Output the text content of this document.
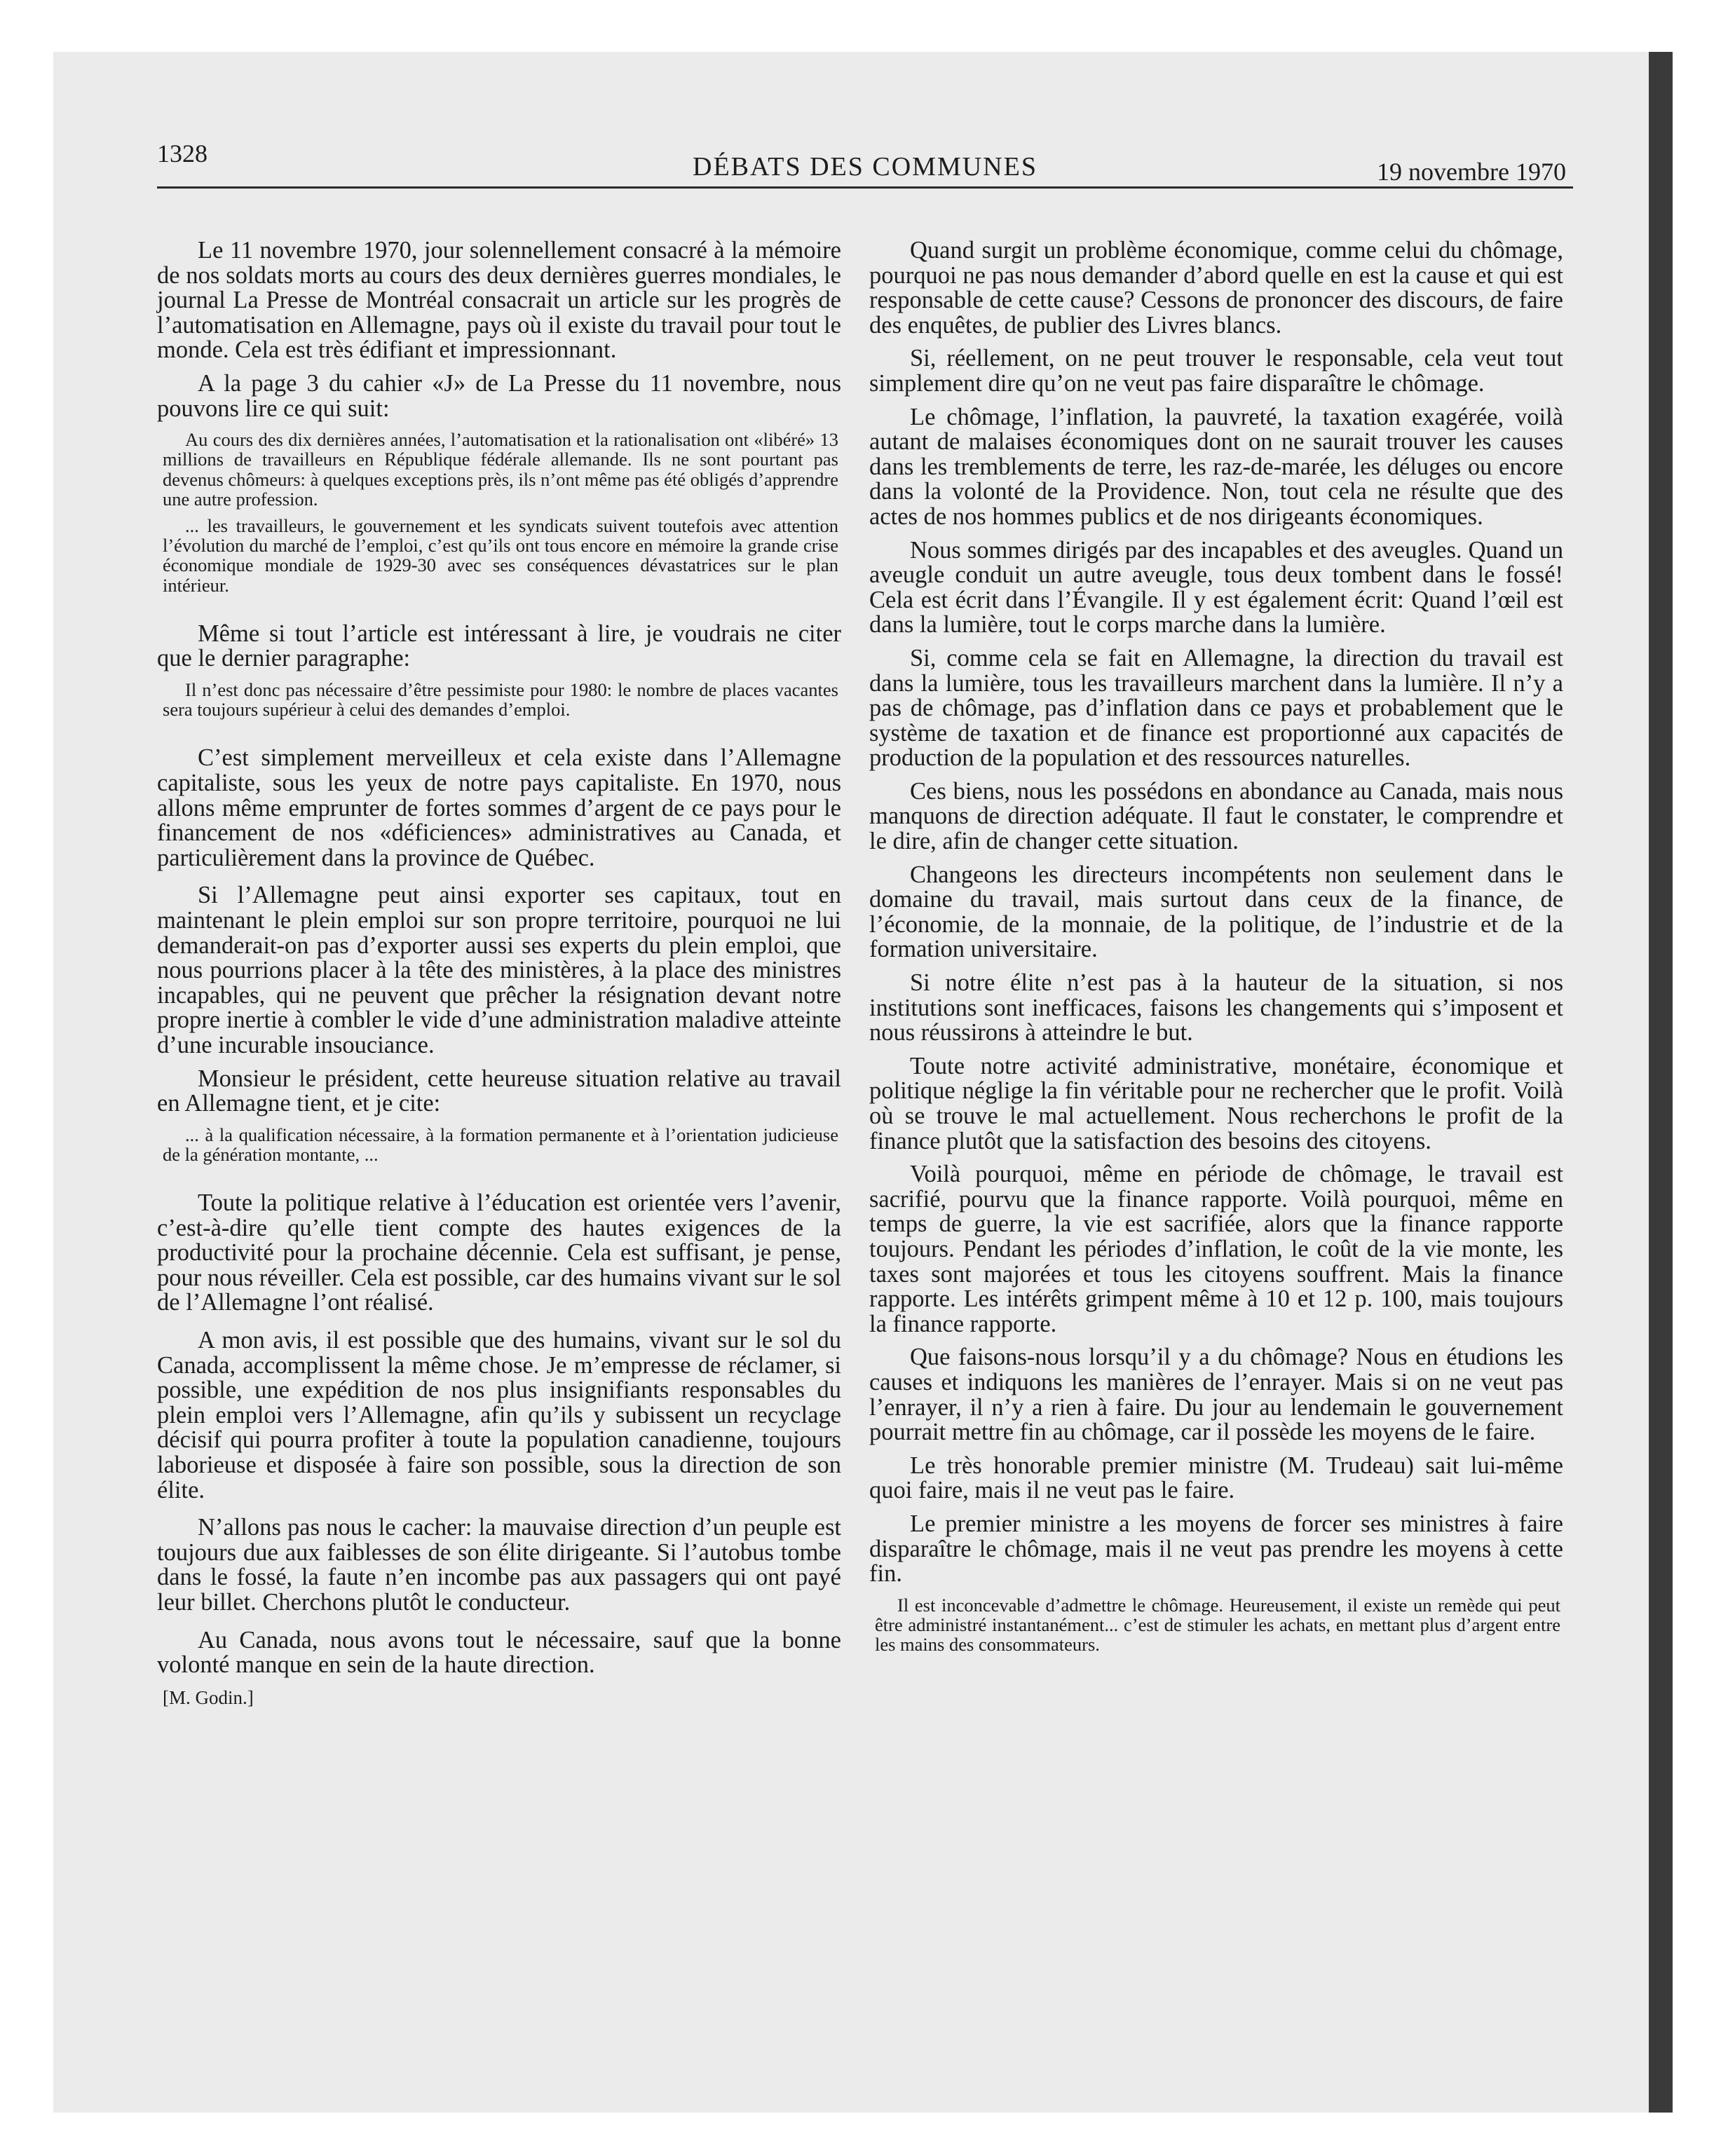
1328	DÉBATS DES COMMUNES	19 novembre 1970

Le 11 novembre 1970, jour solennellement consacré à la mémoire de nos soldats morts au cours des deux dernières guerres mondiales, le journal La Presse de Montréal consacrait un article sur les progrès de l’automatisation en Allemagne, pays où il existe du travail pour tout le monde. Cela est très édifiant et impressionnant.

A la page 3 du cahier «J» de La Presse du 11 novembre, nous pouvons lire ce qui suit:

Au cours des dix dernières années, l’automatisation et la rationalisation ont «libéré» 13 millions de travailleurs en République fédérale allemande. Ils ne sont pourtant pas devenus chômeurs: à quelques exceptions près, ils n’ont même pas été obligés d’apprendre une autre profession.

... les travailleurs, le gouvernement et les syndicats suivent toutefois avec attention l’évolution du marché de l’emploi, c’est qu’ils ont tous encore en mémoire la grande crise économique mondiale de 1929-30 avec ses conséquences dévastatrices sur le plan intérieur.

Même si tout l’article est intéressant à lire, je voudrais ne citer que le dernier paragraphe:

Il n’est donc pas nécessaire d’être pessimiste pour 1980: le nombre de places vacantes sera toujours supérieur à celui des demandes d’emploi.

C’est simplement merveilleux et cela existe dans l’Allemagne capitaliste, sous les yeux de notre pays capitaliste. En 1970, nous allons même emprunter de fortes sommes d’argent de ce pays pour le financement de nos «déficiences» administratives au Canada, et particulièrement dans la province de Québec.

Si l’Allemagne peut ainsi exporter ses capitaux, tout en maintenant le plein emploi sur son propre territoire, pourquoi ne lui demanderait-on pas d’exporter aussi ses experts du plein emploi, que nous pourrions placer à la tête des ministères, à la place des ministres incapables, qui ne peuvent que prêcher la résignation devant notre propre inertie à combler le vide d’une administration maladive atteinte d’une incurable insouciance.

Monsieur le président, cette heureuse situation relative au travail en Allemagne tient, et je cite:

... à la qualification nécessaire, à la formation permanente et à l’orientation judicieuse de la génération montante, ...

Toute la politique relative à l’éducation est orientée vers l’avenir, c’est-à-dire qu’elle tient compte des hautes exigences de la productivité pour la prochaine décennie. Cela est suffisant, je pense, pour nous réveiller. Cela est possible, car des humains vivant sur le sol de l’Allemagne l’ont réalisé.

A mon avis, il est possible que des humains, vivant sur le sol du Canada, accomplissent la même chose. Je m’empresse de réclamer, si possible, une expédition de nos plus insignifiants responsables du plein emploi vers l’Allemagne, afin qu’ils y subissent un recyclage décisif qui pourra profiter à toute la population canadienne, toujours laborieuse et disposée à faire son possible, sous la direction de son élite.

N’allons pas nous le cacher: la mauvaise direction d’un peuple est toujours due aux faiblesses de son élite dirigeante. Si l’autobus tombe dans le fossé, la faute n’en incombe pas aux passagers qui ont payé leur billet. Cherchons plutôt le conducteur.

Au Canada, nous avons tout le nécessaire, sauf que la bonne volonté manque en sein de la haute direction.

[M. Godin.]

Quand surgit un problème économique, comme celui du chômage, pourquoi ne pas nous demander d’abord quelle en est la cause et qui est responsable de cette cause? Cessons de prononcer des discours, de faire des enquêtes, de publier des Livres blancs.

Si, réellement, on ne peut trouver le responsable, cela veut tout simplement dire qu’on ne veut pas faire disparaître le chômage.

Le chômage, l’inflation, la pauvreté, la taxation exagérée, voilà autant de malaises économiques dont on ne saurait trouver les causes dans les tremblements de terre, les raz-de-marée, les déluges ou encore dans la volonté de la Providence. Non, tout cela ne résulte que des actes de nos hommes publics et de nos dirigeants économiques.

Nous sommes dirigés par des incapables et des aveugles. Quand un aveugle conduit un autre aveugle, tous deux tombent dans le fossé! Cela est écrit dans l’Évangile. Il y est également écrit: Quand l’œil est dans la lumière, tout le corps marche dans la lumière.

Si, comme cela se fait en Allemagne, la direction du travail est dans la lumière, tous les travailleurs marchent dans la lumière. Il n’y a pas de chômage, pas d’inflation dans ce pays et probablement que le système de taxation et de finance est proportionné aux capacités de production de la population et des ressources naturelles.

Ces biens, nous les possédons en abondance au Canada, mais nous manquons de direction adéquate. Il faut le constater, le comprendre et le dire, afin de changer cette situation.

Changeons les directeurs incompétents non seulement dans le domaine du travail, mais surtout dans ceux de la finance, de l’économie, de la monnaie, de la politique, de l’industrie et de la formation universitaire.

Si notre élite n’est pas à la hauteur de la situation, si nos institutions sont inefficaces, faisons les changements qui s’imposent et nous réussirons à atteindre le but.

Toute notre activité administrative, monétaire, économique et politique néglige la fin véritable pour ne rechercher que le profit. Voilà où se trouve le mal actuellement. Nous recherchons le profit de la finance plutôt que la satisfaction des besoins des citoyens.

Voilà pourquoi, même en période de chômage, le travail est sacrifié, pourvu que la finance rapporte. Voilà pourquoi, même en temps de guerre, la vie est sacrifiée, alors que la finance rapporte toujours. Pendant les périodes d’inflation, le coût de la vie monte, les taxes sont majorées et tous les citoyens souffrent. Mais la finance rapporte. Les intérêts grimpent même à 10 et 12 p. 100, mais toujours la finance rapporte.

Que faisons-nous lorsqu’il y a du chômage? Nous en étudions les causes et indiquons les manières de l’enrayer. Mais si on ne veut pas l’enrayer, il n’y a rien à faire. Du jour au lendemain le gouvernement pourrait mettre fin au chômage, car il possède les moyens de le faire.

Le très honorable premier ministre (M. Trudeau) sait lui-même quoi faire, mais il ne veut pas le faire.

Le premier ministre a les moyens de forcer ses ministres à faire disparaître le chômage, mais il ne veut pas prendre les moyens à cette fin.

Il est inconcevable d’admettre le chômage. Heureusement, il existe un remède qui peut être administré instantanément... c’est de stimuler les achats, en mettant plus d’argent entre les mains des consommateurs.
